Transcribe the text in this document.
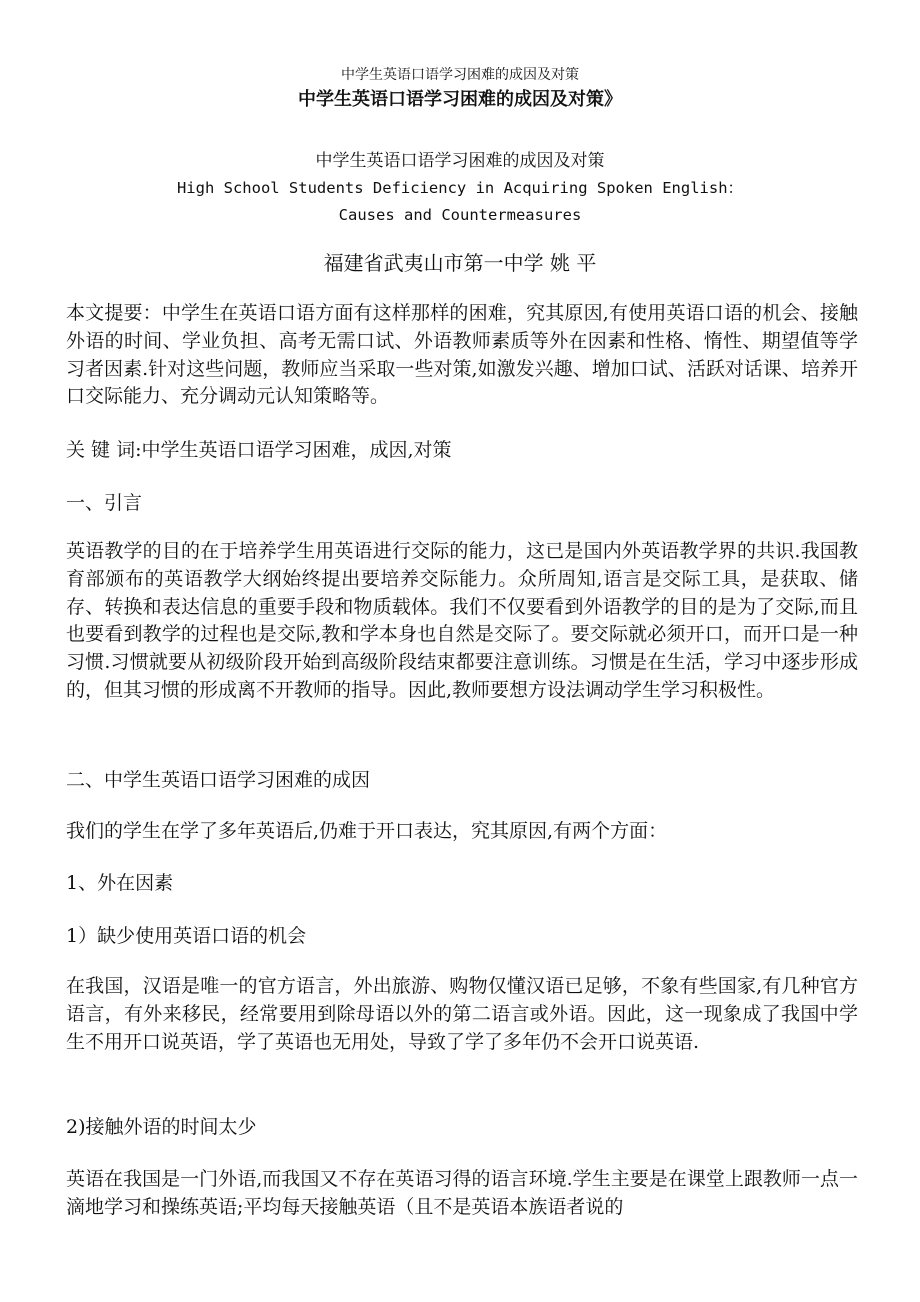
中学生英语口语学习困难的成因及对策
中学生英语口语学习困难的成因及对策》
中学生英语口语学习困难的成因及对策
High School Students Deficiency in Acquiring Spoken English：
Causes and Countermeasures
福建省武夷山市第一中学 姚 平
本文提要：中学生在英语口语方面有这样那样的困难，究其原因,有使用英语口语的机会、接触外语的时间、学业负担、高考无需口试、外语教师素质等外在因素和性格、惰性、期望值等学习者因素.针对这些问题，教师应当采取一些对策,如激发兴趣、增加口试、活跃对话课、培养开口交际能力、充分调动元认知策略等。
关 键 词:中学生英语口语学习困难，成因,对策
一、引言
英语教学的目的在于培养学生用英语进行交际的能力，这已是国内外英语教学界的共识.我国教育部颁布的英语教学大纲始终提出要培养交际能力。众所周知,语言是交际工具，是获取、储存、转换和表达信息的重要手段和物质载体。我们不仅要看到外语教学的目的是为了交际,而且也要看到教学的过程也是交际,教和学本身也自然是交际了。要交际就必须开口，而开口是一种习惯.习惯就要从初级阶段开始到高级阶段结束都要注意训练。习惯是在生活，学习中逐步形成的，但其习惯的形成离不开教师的指导。因此,教师要想方设法调动学生学习积极性。
二、中学生英语口语学习困难的成因
我们的学生在学了多年英语后,仍难于开口表达，究其原因,有两个方面：
1、外在因素
1）缺少使用英语口语的机会
在我国，汉语是唯一的官方语言，外出旅游、购物仅懂汉语已足够，不象有些国家,有几种官方语言，有外来移民，经常要用到除母语以外的第二语言或外语。因此，这一现象成了我国中学生不用开口说英语，学了英语也无用处，导致了学了多年仍不会开口说英语.
2)接触外语的时间太少
英语在我国是一门外语,而我国又不存在英语习得的语言环境.学生主要是在课堂上跟教师一点一滴地学习和操练英语;平均每天接触英语（且不是英语本族语者说的
